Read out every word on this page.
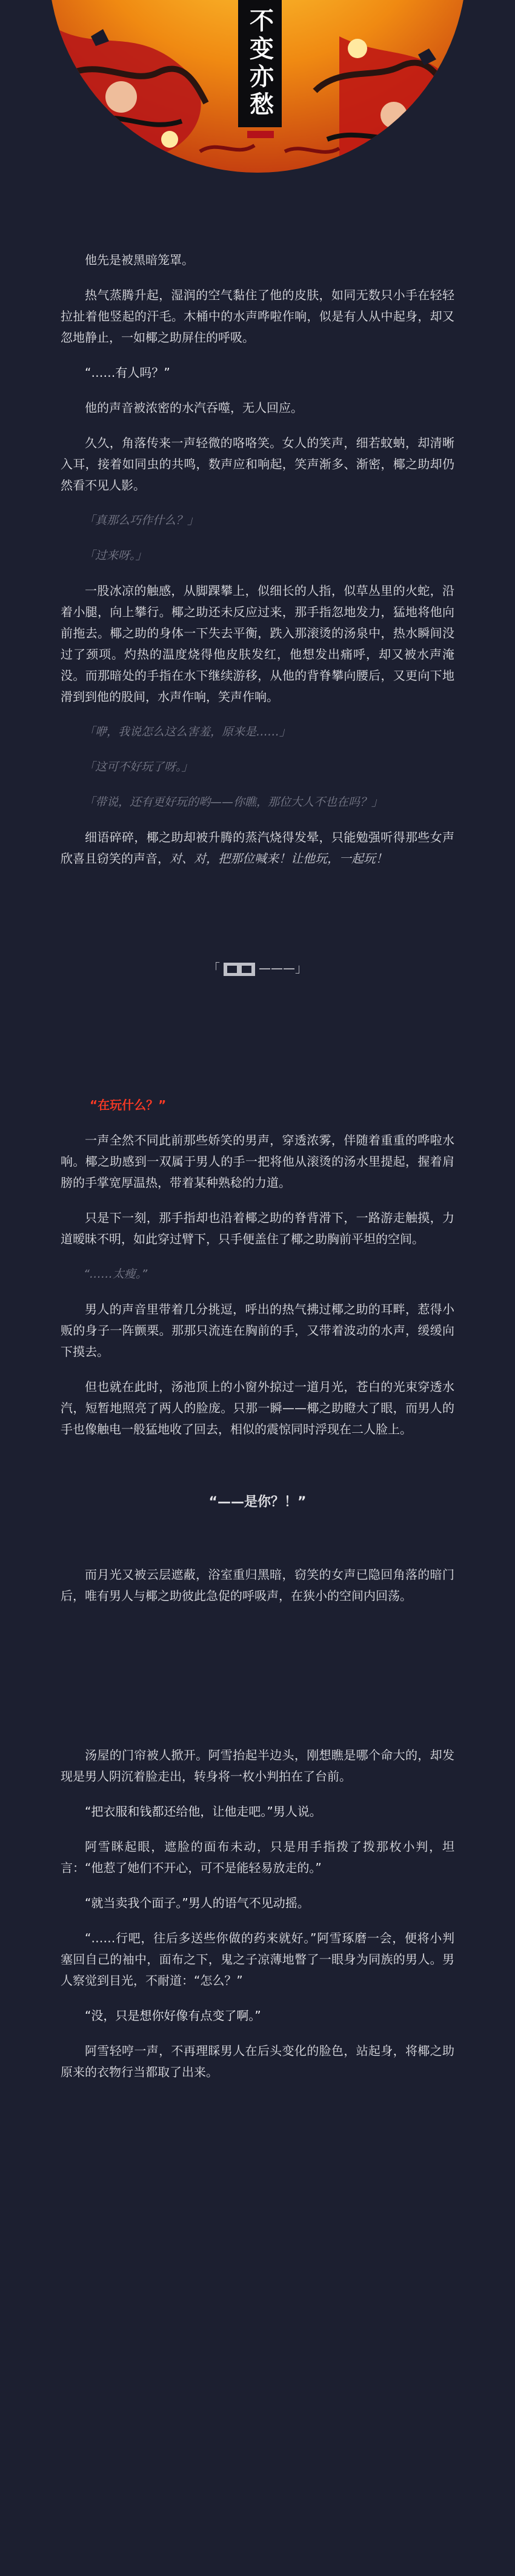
不变亦愁

他先是被黑暗笼罩。

热气蒸腾升起，湿润的空气黏住了他的皮肤，如同无数只小手在轻轻拉扯着他竖起的汗毛。木桶中的水声哗啦作响，似是有人从中起身，却又忽地静止，一如椰之助屏住的呼吸。

“……有人吗？”

他的声音被浓密的水汽吞噬，无人回应。

久久，角落传来一声轻微的咯咯笑。女人的笑声，细若蚊蚋，却清晰入耳，接着如同虫的共鸣，数声应和响起，笑声渐多、渐密，椰之助却仍然看不见人影。

「真那么巧作什么？」

「过来呀。」

一股冰凉的触感，从脚踝攀上，似细长的人指，似草丛里的火蛇，沿着小腿，向上攀行。椰之助还未反应过来，那手指忽地发力，猛地将他向前拖去。椰之助的身体一下失去平衡，跌入那滚烫的汤泉中，热水瞬间没过了颈项。灼热的温度烧得他皮肤发红，他想发出痛呼，却又被水声淹没。而那暗处的手指在水下继续游移，从他的背脊攀向腰后，又更向下地滑到到他的股间，水声作响，笑声作响。

「咿，我说怎么这么害羞，原来是……」

「这可不好玩了呀。」

「带说，还有更好玩的哟——你瞧，那位大人不也在吗？」

细语碎碎，椰之助却被升腾的蒸汽烧得发晕，只能勉强听得那些女声欣喜且窃笑的声音，对、对，把那位喊来！让他玩，一起玩！

「	———」

“在玩什么？”

一声全然不同此前那些娇笑的男声，穿透浓雾，伴随着重重的哗啦水响。椰之助感到一双属于男人的手一把将他从滚烫的汤水里提起，握着肩膀的手掌宽厚温热，带着某种熟稔的力道。

只是下一刻，那手指却也沿着椰之助的脊背滑下，一路游走触摸，力道暧昧不明，如此穿过臂下，只手便盖住了椰之助胸前平坦的空间。

“……太瘦。”

男人的声音里带着几分挑逗，呼出的热气拂过椰之助的耳畔，惹得小贩的身子一阵颤栗。那那只流连在胸前的手，又带着波动的水声，缓缓向下摸去。

但也就在此时，汤池顶上的小窗外掠过一道月光，苍白的光束穿透水汽，短暂地照亮了两人的脸庞。只那一瞬——椰之助瞪大了眼，而男人的手也像触电一般猛地收了回去，相似的震惊同时浮现在二人脸上。

“——是你？！”

而月光又被云层遮蔽，浴室重归黑暗，窃笑的女声已隐回角落的暗门后，唯有男人与椰之助彼此急促的呼吸声，在狭小的空间内回荡。

汤屋的门帘被人掀开。阿雪抬起半边头，刚想瞧是哪个命大的，却发现是男人阴沉着脸走出，转身将一枚小判拍在了台前。

“把衣服和钱都还给他，让他走吧。”男人说。

阿雪眯起眼，遮脸的面布未动，只是用手指拨了拨那枚小判，坦言：“他惹了她们不开心，可不是能轻易放走的。”

“就当卖我个面子。”男人的语气不见动摇。

“……行吧，往后多送些你做的药来就好。”阿雪琢磨一会，便将小判塞回自己的袖中，面布之下，鬼之子凉薄地瞥了一眼身为同族的男人。男人察觉到目光，不耐道：“怎么？”

“没，只是想你好像有点变了啊。”

阿雪轻哼一声，不再理睬男人在后头变化的脸色，站起身，将椰之助原来的衣物行当都取了出来。
